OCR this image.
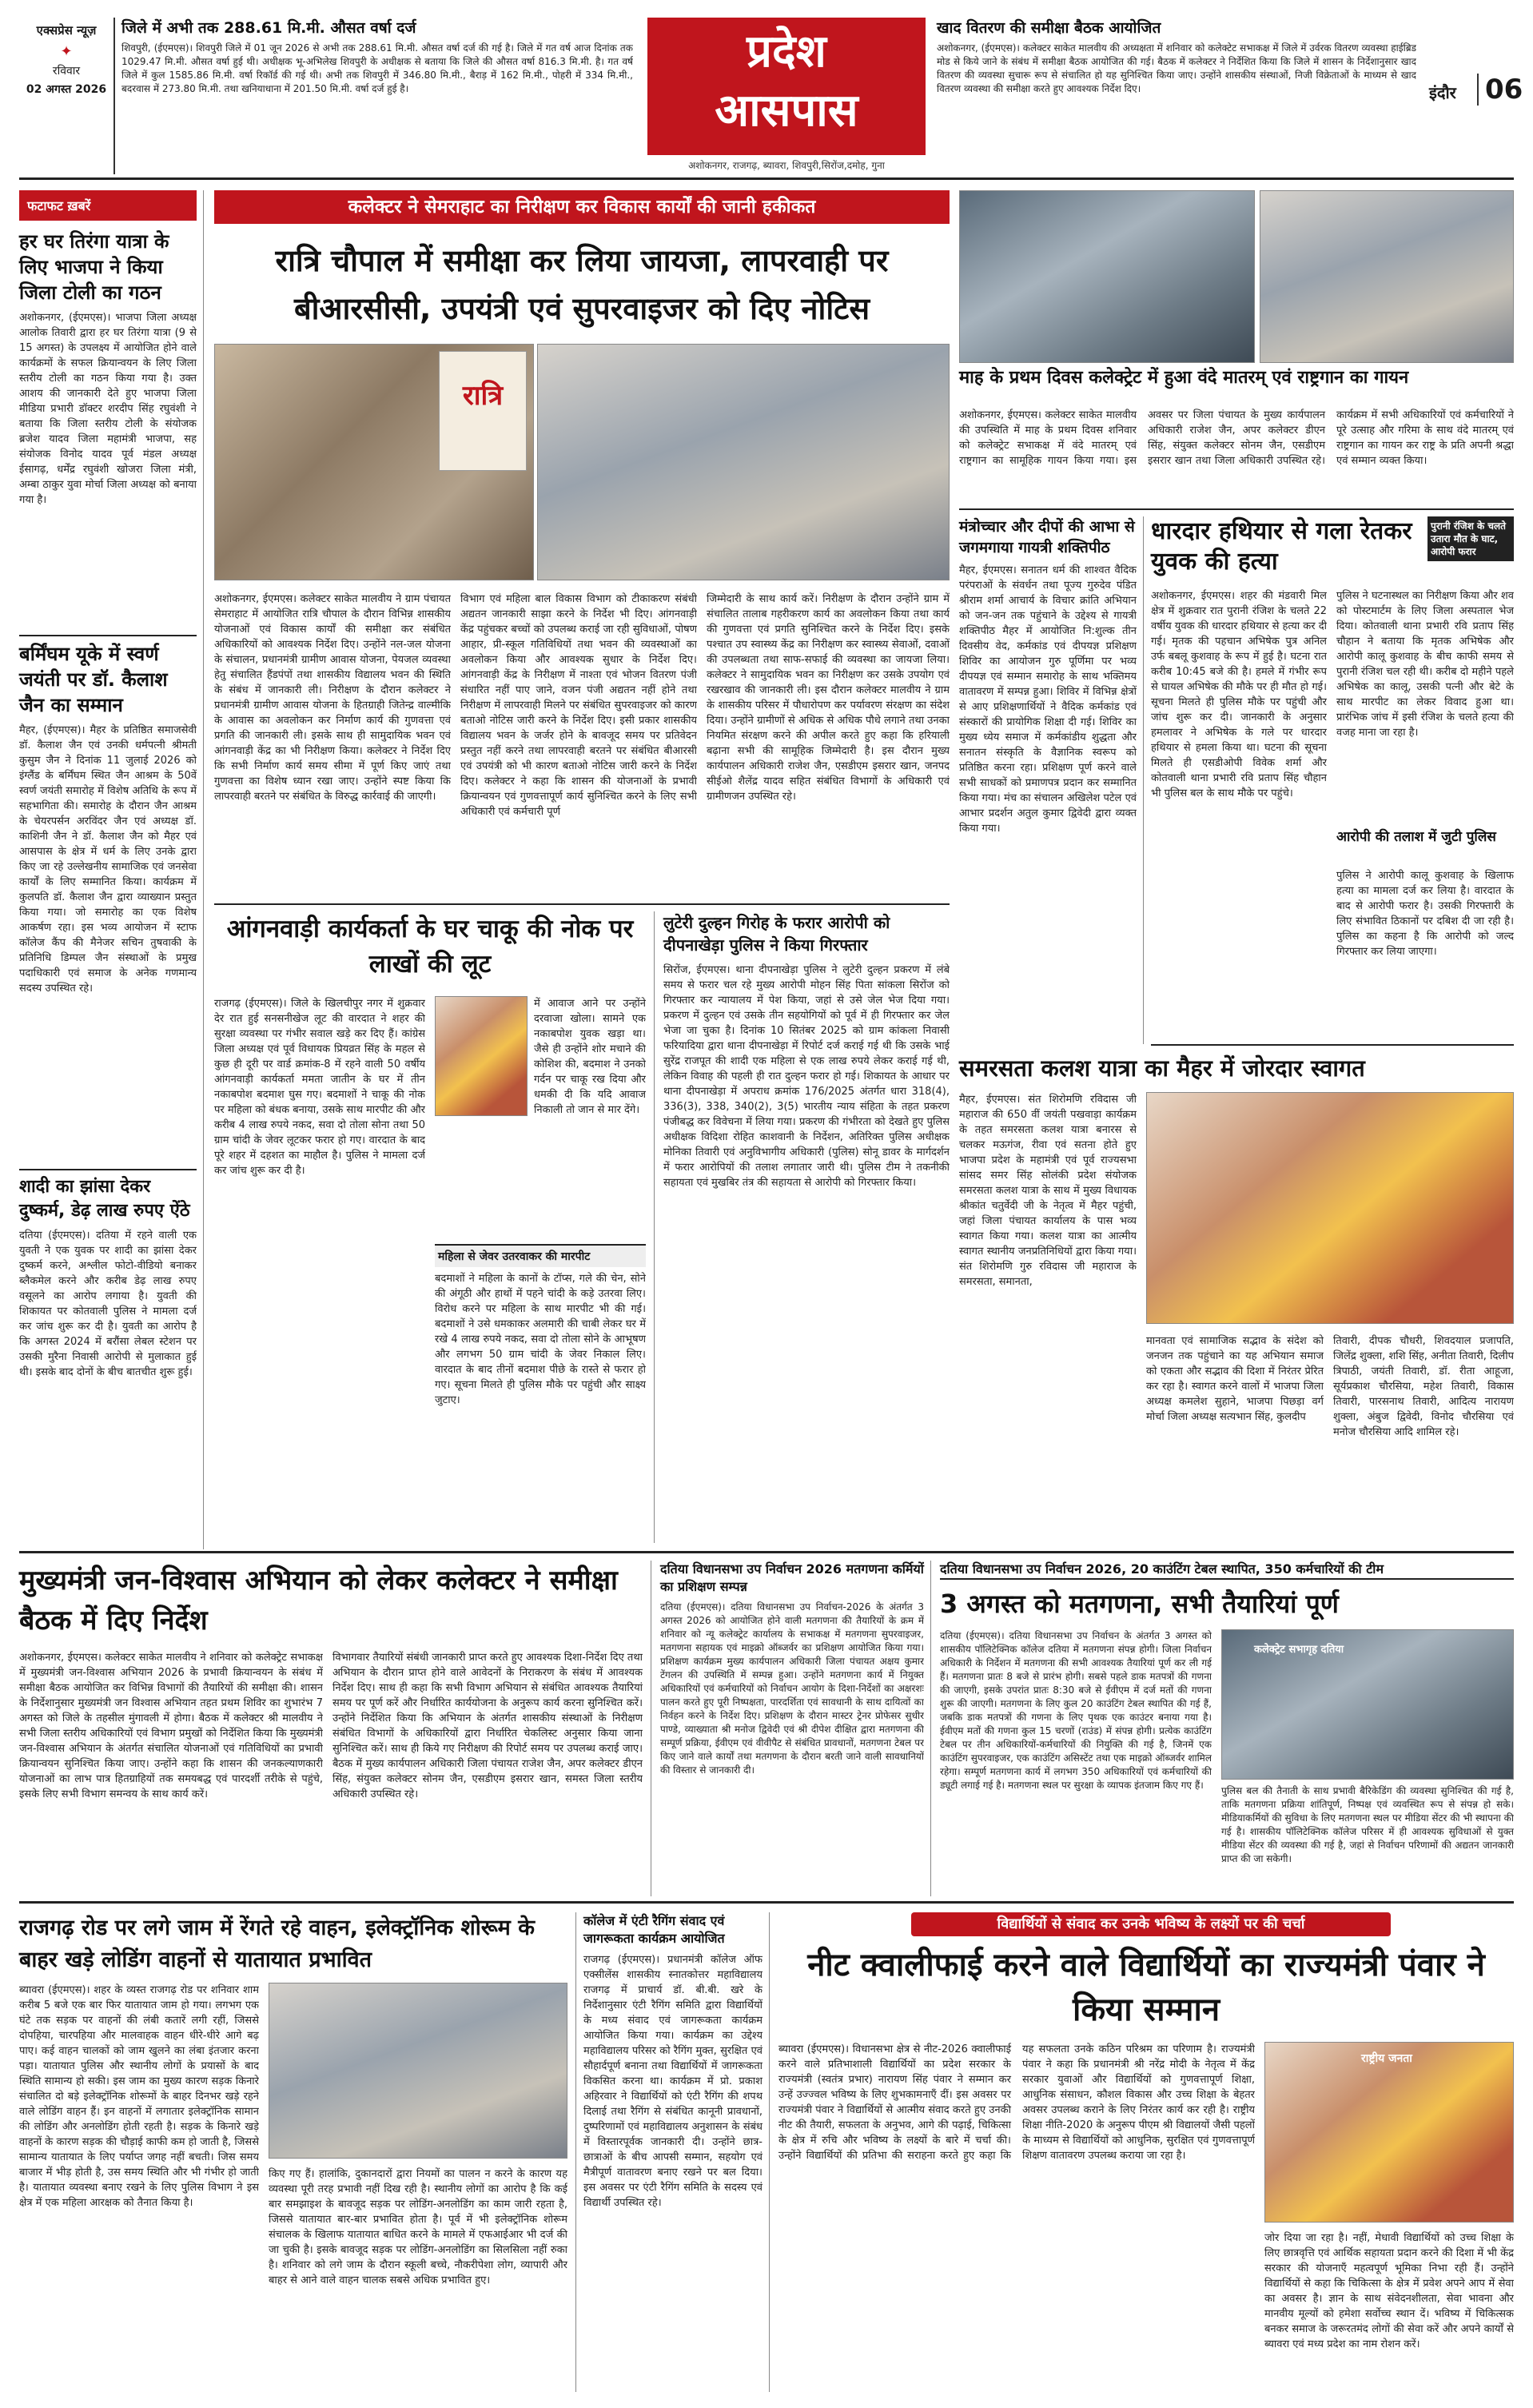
एक्सप्रेस न्यूज़
✦
रविवार
02 अगस्त 2026
जिले में अभी तक 288.61 मि.मी. औसत वर्षा दर्ज
शिवपुरी, (ईएमएस)। शिवपुरी जिले में 01 जून 2026 से अभी तक 288.61 मि.मी. औसत वर्षा दर्ज की गई है। जिले में गत वर्ष आज दिनांक तक 1029.47 मि.मी. औसत वर्षा हुई थी। अधीक्षक भू-अभिलेख शिवपुरी के अधीक्षक से बताया कि जिले की औसत वर्षा 816.3 मि.मी. है। गत वर्ष जिले में कुल 1585.86 मि.मी. वर्षा रिकॉर्ड की गई थी। अभी तक शिवपुरी में 346.80 मि.मी., बैराड़ में 162 मि.मी., पोहरी में 334 मि.मी., बदरवास में 273.80 मि.मी. तथा खनियाधाना में 201.50 मि.मी. वर्षा दर्ज हुई है।
प्रदेश
आसपास
अशोकनगर, राजगढ़, ब्यावरा, शिवपुरी,सिरोंज,दमोह, गुना
खाद वितरण की समीक्षा बैठक आयोजित
अशोकनगर, (ईएमएस)। कलेक्टर साकेत मालवीय की अध्यक्षता में शनिवार को कलेक्टेट सभाकक्ष में जिले में उर्वरक वितरण व्यवस्था हाईब्रिड मोड से किये जाने के संबंध में समीक्षा बैठक आयोजित की गई। बैठक में कलेक्टर ने निर्देशित किया कि जिले में शासन के निर्देशानुसार खाद वितरण की व्यवस्था सुचारू रूप से संचालित हो यह सुनिश्चित किया जाए। उन्होंने शासकीय संस्थाओं, निजी विक्रेताओं के माध्यम से खाद वितरण व्यवस्था की समीक्षा करते हुए आवश्यक निर्देश दिए।	इंदौर 06
फटाफट ख़बरें
हर घर तिरंगा यात्रा के लिए भाजपा ने किया जिला टोली का गठन
अशोकनगर, (ईएमएस)। भाजपा जिला अध्यक्ष आलोक तिवारी द्वारा हर घर तिरंगा यात्रा (9 से 15 अगस्त) के उपलक्ष्य में आयोजित होने वाले कार्यक्रमों के सफल क्रियान्वयन के लिए जिला स्तरीय टोली का गठन किया गया है। उक्त आशय की जानकारी देते हुए भाजपा जिला मीडिया प्रभारी डॉक्टर शरदीप सिंह रघुवंशी ने बताया कि जिला स्तरीय टोली के संयोजक ब्रजेश यादव जिला महामंत्री भाजपा, सह संयोजक विनोद यादव पूर्व मंडल अध्यक्ष ईसागढ़, धर्मेंद्र रघुवंशी खोजरा जिला मंत्री, अम्बा ठाकुर युवा मोर्चा जिला अध्यक्ष को बनाया गया है।
बर्मिंघम यूके में स्वर्ण जयंती पर डॉ. कैलाश जैन का सम्मान
मैहर, (ईएमएस)। मैहर के प्रतिष्ठित समाजसेवी डॉ. कैलाश जैन एवं उनकी धर्मपत्नी श्रीमती कुसुम जैन ने दिनांक 11 जुलाई 2026 को इंग्लैंड के बर्मिंघम स्थित जैन आश्रम के 50वें स्वर्ण जयंती समारोह में विशेष अतिथि के रूप में सहभागिता की। समारोह के दौरान जैन आश्रम के चेयरपर्सन अरविंदर जैन एवं अध्यक्ष डॉ. काशिनी जैन ने डॉ. कैलाश जैन को मैहर एवं आसपास के क्षेत्र में धर्म के लिए उनके द्वारा किए जा रहे उल्लेखनीय सामाजिक एवं जनसेवा कार्यों के लिए सम्मानित किया। कार्यक्रम में कुलपति डॉ. कैलाश जैन द्वारा व्याख्यान प्रस्तुत किया गया। जो समारोह का एक विशेष आकर्षण रहा। इस भव्य आयोजन में स्टाफ कॉलेज कैंप की मैनेजर सचिन तुषवाकी के प्रतिनिधि डिम्पल जैन संस्थाओं के प्रमुख पदाधिकारी एवं समाज के अनेक गणमान्य सदस्य उपस्थित रहे।
शादी का झांसा देकर दुष्कर्म, डेढ़ लाख रुपए ऐंठे
दतिया (ईएमएस)। दतिया में रहने वाली एक युवती ने एक युवक पर शादी का झांसा देकर दुष्कर्म करने, अश्लील फोटो-वीडियो बनाकर ब्लैकमेल करने और करीब डेढ़ लाख रुपए वसूलने का आरोप लगाया है। युवती की शिकायत पर कोतवाली पुलिस ने मामला दर्ज कर जांच शुरू कर दी है। युवती का आरोप है कि अगस्त 2024 में बरौंसा लेबल स्टेशन पर उसकी मुरैना निवासी आरोपी से मुलाकात हुई थी। इसके बाद दोनों के बीच बातचीत शुरू हुई।
कलेक्टर ने सेमराहाट का निरीक्षण कर विकास कार्यों की जानी हकीकत
रात्रि चौपाल में समीक्षा कर लिया जायजा, लापरवाही पर बीआरसीसी, उपयंत्री एवं सुपरवाइजर को दिए नोटिस
रात्रि
अशोकनगर, ईएमएस। कलेक्टर साकेत मालवीय ने ग्राम पंचायत सेमराहाट में आयोजित रात्रि चौपाल के दौरान विभिन्न शासकीय योजनाओं एवं विकास कार्यों की समीक्षा कर संबंधित अधिकारियों को आवश्यक निर्देश दिए। उन्होंने नल-जल योजना के संचालन, प्रधानमंत्री ग्रामीण आवास योजना, पेयजल व्यवस्था हेतु संचालित हैंडपंपों तथा शासकीय विद्यालय भवन की स्थिति के संबंध में जानकारी ली। निरीक्षण के दौरान कलेक्टर ने प्रधानमंत्री ग्रामीण आवास योजना के हितग्राही जितेन्द्र वाल्मीकि के आवास का अवलोकन कर निर्माण कार्य की गुणवत्ता एवं प्रगति की जानकारी ली। इसके साथ ही सामुदायिक भवन एवं आंगनवाड़ी केंद्र का भी निरीक्षण किया। कलेक्टर ने निर्देश दिए कि सभी निर्माण कार्य समय सीमा में पूर्ण किए जाएं तथा गुणवत्ता का विशेष ध्यान रखा जाए। उन्होंने स्पष्ट किया कि लापरवाही बरतने पर संबंधित के विरुद्ध कार्रवाई की जाएगी।
विभाग एवं महिला बाल विकास विभाग को टीकाकरण संबंधी अद्यतन जानकारी साझा करने के निर्देश भी दिए। आंगनवाड़ी केंद्र पहुंचकर बच्चों को उपलब्ध कराई जा रही सुविधाओं, पोषण आहार, प्री-स्कूल गतिविधियों तथा भवन की व्यवस्थाओं का अवलोकन किया और आवश्यक सुधार के निर्देश दिए। आंगनवाड़ी केंद्र के निरीक्षण में नाश्ता एवं भोजन वितरण पंजी संधारित नहीं पाए जाने, वजन पंजी अद्यतन नहीं होने तथा निरीक्षण में लापरवाही मिलने पर संबंधित सुपरवाइजर को कारण बताओ नोटिस जारी करने के निर्देश दिए। इसी प्रकार शासकीय विद्यालय भवन के जर्जर होने के बावजूद समय पर प्रतिवेदन प्रस्तुत नहीं करने तथा लापरवाही बरतने पर संबंधित बीआरसी एवं उपयंत्री को भी कारण बताओ नोटिस जारी करने के निर्देश दिए। कलेक्टर ने कहा कि शासन की योजनाओं के प्रभावी क्रियान्वयन एवं गुणवत्तापूर्ण कार्य सुनिश्चित करने के लिए सभी अधिकारी एवं कर्मचारी पूर्ण
जिम्मेदारी के साथ कार्य करें। निरीक्षण के दौरान उन्होंने ग्राम में संचालित तालाब गहरीकरण कार्य का अवलोकन किया तथा कार्य की गुणवत्ता एवं प्रगति सुनिश्चित करने के निर्देश दिए। इसके पश्चात उप स्वास्थ्य केंद्र का निरीक्षण कर स्वास्थ्य सेवाओं, दवाओं की उपलब्धता तथा साफ-सफाई की व्यवस्था का जायजा लिया। कलेक्टर ने सामुदायिक भवन का निरीक्षण कर उसके उपयोग एवं रखरखाव की जानकारी ली। इस दौरान कलेक्टर मालवीय ने ग्राम के शासकीय परिसर में पौधारोपण कर पर्यावरण संरक्षण का संदेश दिया। उन्होंने ग्रामीणों से अधिक से अधिक पौधे लगाने तथा उनका नियमित संरक्षण करने की अपील करते हुए कहा कि हरियाली बढ़ाना सभी की सामूहिक जिम्मेदारी है। इस दौरान मुख्य कार्यपालन अधिकारी राजेश जैन, एसडीएम इसरार खान, जनपद सीईओ शैलेंद्र यादव सहित संबंधित विभागों के अधिकारी एवं ग्रामीणजन उपस्थित रहे।
माह के प्रथम दिवस कलेक्ट्रेट में हुआ वंदे मातरम् एवं राष्ट्रगान का गायन
अशोकनगर, ईएमएस। कलेक्टर साकेत मालवीय की उपस्थिति में माह के प्रथम दिवस शनिवार को कलेक्ट्रेट सभाकक्ष में वंदे मातरम् एवं राष्ट्रगान का सामूहिक गायन किया गया। इस अवसर पर जिला पंचायत के मुख्य कार्यपालन अधिकारी राजेश जैन, अपर कलेक्टर डीएन सिंह, संयुक्त कलेक्टर सोनम जैन, एसडीएम इसरार खान तथा जिला अधिकारी उपस्थित रहे। कार्यक्रम में सभी अधिकारियों एवं कर्मचारियों ने पूरे उत्साह और गरिमा के साथ वंदे मातरम् एवं राष्ट्रगान का गायन कर राष्ट्र के प्रति अपनी श्रद्धा एवं सम्मान व्यक्त किया।
मंत्रोच्चार और दीपों की आभा से जगमगाया गायत्री शक्तिपीठ
मैहर, ईएमएस। सनातन धर्म की शाश्वत वैदिक परंपराओं के संवर्धन तथा पूज्य गुरुदेव पंडित श्रीराम शर्मा आचार्य के विचार क्रांति अभियान को जन-जन तक पहुंचाने के उद्देश्य से गायत्री शक्तिपीठ मैहर में आयोजित नि:शुल्क तीन दिवसीय वेद, कर्मकांड एवं दीपयज्ञ प्रशिक्षण शिविर का आयोजन गुरु पूर्णिमा पर भव्य दीपयज्ञ एवं सम्मान समारोह के साथ भक्तिमय वातावरण में सम्पन्न हुआ। शिविर में विभिन्न क्षेत्रों से आए प्रशिक्षणार्थियों ने वैदिक कर्मकांड एवं संस्कारों की प्रायोगिक शिक्षा दी गई। शिविर का मुख्य ध्येय समाज में कर्मकांडीय शुद्धता और सनातन संस्कृति के वैज्ञानिक स्वरूप को प्रतिष्ठित करना रहा। प्रशिक्षण पूर्ण करने वाले सभी साधकों को प्रमाणपत्र प्रदान कर सम्मानित किया गया। मंच का संचालन अखिलेश पटेल एवं आभार प्रदर्शन अतुल कुमार द्विवेदी द्वारा व्यक्त किया गया।
धारदार हथियार से गला रेतकर युवक की हत्या
पुरानी रंजिश के चलते उतारा मौत के घाट, आरोपी फरार
अशोकनगर, ईएमएस। शहर की मंडवारी मिल क्षेत्र में शुक्रवार रात पुरानी रंजिश के चलते 22 वर्षीय युवक की धारदार हथियार से हत्या कर दी गई। मृतक की पहचान अभिषेक पुत्र अनिल उर्फ बबलू कुशवाह के रूप में हुई है। घटना रात करीब 10:45 बजे की है। हमले में गंभीर रूप से घायल अभिषेक की मौके पर ही मौत हो गई। सूचना मिलते ही पुलिस मौके पर पहुंची और जांच शुरू कर दी। जानकारी के अनुसार हमलावर ने अभिषेक के गले पर धारदार हथियार से हमला किया था। घटना की सूचना मिलते ही एसडीओपी विवेक शर्मा और कोतवाली थाना प्रभारी रवि प्रताप सिंह चौहान भी पुलिस बल के साथ मौके पर पहुंचे।
पुलिस ने घटनास्थल का निरीक्षण किया और शव को पोस्टमार्टम के लिए जिला अस्पताल भेज दिया। कोतवाली थाना प्रभारी रवि प्रताप सिंह चौहान ने बताया कि मृतक अभिषेक और आरोपी कालू कुशवाह के बीच काफी समय से पुरानी रंजिश चल रही थी। करीब दो महीने पहले अभिषेक का कालू, उसकी पत्नी और बेटे के साथ मारपीट का लेकर विवाद हुआ था। प्रारंभिक जांच में इसी रंजिश के चलते हत्या की वजह माना जा रहा है।
आरोपी की तलाश में जुटी पुलिस
पुलिस ने आरोपी कालू कुशवाह के खिलाफ हत्या का मामला दर्ज कर लिया है। वारदात के बाद से आरोपी फरार है। उसकी गिरफ्तारी के लिए संभावित ठिकानों पर दबिश दी जा रही है। पुलिस का कहना है कि आरोपी को जल्द गिरफ्तार कर लिया जाएगा।
आंगनवाड़ी कार्यकर्ता के घर चाकू की नोक पर लाखों की लूट
राजगढ़ (ईएमएस)। जिले के खिलचीपुर नगर में शुक्रवार देर रात हुई सनसनीखेज लूट की वारदात ने शहर की सुरक्षा व्यवस्था पर गंभीर सवाल खड़े कर दिए हैं। कांग्रेस जिला अध्यक्ष एवं पूर्व विधायक प्रियव्रत सिंह के महल से कुछ ही दूरी पर वार्ड क्रमांक-8 में रहने वाली 50 वर्षीय आंगनवाड़ी कार्यकर्ता ममता जातीन के घर में तीन नकाबपोश बदमाश घुस गए। बदमाशों ने चाकू की नोक पर महिला को बंधक बनाया, उसके साथ मारपीट की और करीब 4 लाख रुपये नकद, सवा दो तोला सोना तथा 50 ग्राम चांदी के जेवर लूटकर फरार हो गए। वारदात के बाद पूरे शहर में दहशत का माहौल है। पुलिस ने मामला दर्ज कर जांच शुरू कर दी है।
में आवाज आने पर उन्होंने दरवाजा खोला। सामने एक नकाबपोश युवक खड़ा था। जैसे ही उन्होंने शोर मचाने की कोशिश की, बदमाश ने उनको गर्दन पर चाकू रख दिया और धमकी दी कि यदि आवाज निकाली तो जान से मार देंगे।
महिला से जेवर उतरवाकर की मारपीट
बदमाशों ने महिला के कानों के टॉप्स, गले की चेन, सोने की अंगूठी और हाथों में पहने चांदी के कड़े उतरवा लिए। विरोध करने पर महिला के साथ मारपीट भी की गई। बदमाशों ने उसे धमकाकर अलमारी की चाबी लेकर घर में रखे 4 लाख रुपये नकद, सवा दो तोला सोने के आभूषण और लगभग 50 ग्राम चांदी के जेवर निकाल लिए। वारदात के बाद तीनों बदमाश पीछे के रास्ते से फरार हो गए। सूचना मिलते ही पुलिस मौके पर पहुंची और साक्ष्य जुटाए।
लुटेरी दुल्हन गिरोह के फरार आरोपी को दीपनाखेड़ा पुलिस ने किया गिरफ्तार
सिरोंज, ईएमएस। थाना दीपनाखेड़ा पुलिस ने लुटेरी दुल्हन प्रकरण में लंबे समय से फरार चल रहे मुख्य आरोपी मोहन सिंह पिता सांकला सिरोंज को गिरफ्तार कर न्यायालय में पेश किया, जहां से उसे जेल भेज दिया गया। प्रकरण में दुल्हन एवं उसके तीन सहयोगियों को पूर्व में ही गिरफ्तार कर जेल भेजा जा चुका है। दिनांक 10 सितंबर 2025 को ग्राम कांकला निवासी फरियादिया द्वारा थाना दीपनाखेड़ा में रिपोर्ट दर्ज कराई गई थी कि उसके भाई सुरेंद्र राजपूत की शादी एक महिला से एक लाख रुपये लेकर कराई गई थी, लेकिन विवाह की पहली ही रात दुल्हन फरार हो गई। शिकायत के आधार पर थाना दीपनाखेड़ा में अपराध क्रमांक 176/2025 अंतर्गत धारा 318(4), 336(3), 338, 340(2), 3(5) भारतीय न्याय संहिता के तहत प्रकरण पंजीबद्ध कर विवेचना में लिया गया। प्रकरण की गंभीरता को देखते हुए पुलिस अधीक्षक विदिशा रोहित काशवानी के निर्देशन, अतिरिक्त पुलिस अधीक्षक मोनिका तिवारी एवं अनुविभागीय अधिकारी (पुलिस) सोनू डावर के मार्गदर्शन में फरार आरोपियों की तलाश लगातार जारी थी। पुलिस टीम ने तकनीकी सहायता एवं मुखबिर तंत्र की सहायता से आरोपी को गिरफ्तार किया।
समरसता कलश यात्रा का मैहर में जोरदार स्वागत
मैहर, ईएमएस। संत शिरोमणि रविदास जी महाराज की 650 वीं जयंती पखवाड़ा कार्यक्रम के तहत समरसता कलश यात्रा बनारस से चलकर मऊगंज, रीवा एवं सतना होते हुए भाजपा प्रदेश के महामंत्री एवं पूर्व राज्यसभा सांसद समर सिंह सोलंकी प्रदेश संयोजक समरसता कलश यात्रा के साथ में मुख्य विधायक श्रीकांत चतुर्वेदी जी के नेतृत्व में मैहर पहुंची, जहां जिला पंचायत कार्यालय के पास भव्य स्वागत किया गया। कलश यात्रा का आत्मीय स्वागत स्थानीय जनप्रतिनिधियों द्वारा किया गया। संत शिरोमणि गुरु रविदास जी महाराज के समरसता, समानता,
मानवता एवं सामाजिक सद्भाव के संदेश को जनजन तक पहुंचाने का यह अभियान समाज को एकता और सद्भाव की दिशा में निरंतर प्रेरित कर रहा है। स्वागत करने वालों में भाजपा जिला अध्यक्ष कमलेश सुहाने, भाजपा पिछड़ा वर्ग मोर्चा जिला अध्यक्ष सत्यभान सिंह, कुलदीप
तिवारी, दीपक चौधरी, शिवदयाल प्रजापति, जिलेंद्र शुक्ला, शशि सिंह, अनीता तिवारी, दिलीप त्रिपाठी, जयंती तिवारी, डॉ. रीता आहूजा, सूर्यप्रकाश चौरसिया, महेश तिवारी, विकास तिवारी, पारसनाथ तिवारी, आदित्य नारायण शुक्ला, अंबुज द्विवेदी, विनोद चौरसिया एवं मनोज चौरसिया आदि शामिल रहे।
मुख्यमंत्री जन-विश्वास अभियान को लेकर कलेक्टर ने समीक्षा बैठक में दिए निर्देश
अशोकनगर, ईएमएस। कलेक्टर साकेत मालवीय ने शनिवार को कलेक्ट्रेट सभाकक्ष में मुख्यमंत्री जन-विश्वास अभियान 2026 के प्रभावी क्रियान्वयन के संबंध में समीक्षा बैठक आयोजित कर विभिन्न विभागों की तैयारियों की समीक्षा की। शासन के निर्देशानुसार मुख्यमंत्री जन विश्वास अभियान तहत प्रथम शिविर का शुभारंभ 7 अगस्त को जिले के तहसील मुंगावली में होगा। बैठक में कलेक्टर श्री मालवीय ने सभी जिला स्तरीय अधिकारियों एवं विभाग प्रमुखों को निर्देशित किया कि मुख्यमंत्री जन-विश्वास अभियान के अंतर्गत संचालित योजनाओं एवं गतिविधियों का प्रभावी क्रियान्वयन सुनिश्चित किया जाए। उन्होंने कहा कि शासन की जनकल्याणकारी योजनाओं का लाभ पात्र हितग्राहियों तक समयबद्ध एवं पारदर्शी तरीके से पहुंचे, इसके लिए सभी विभाग समन्वय के साथ कार्य करें।
विभागवार तैयारियों संबंधी जानकारी प्राप्त करते हुए आवश्यक दिशा-निर्देश दिए तथा अभियान के दौरान प्राप्त होने वाले आवेदनों के निराकरण के संबंध में आवश्यक निर्देश दिए। साथ ही कहा कि सभी विभाग अभियान से संबंधित आवश्यक तैयारियां समय पर पूर्ण करें और निर्धारित कार्ययोजना के अनुरूप कार्य करना सुनिश्चित करें। उन्होंने निर्देशित किया कि अभियान के अंतर्गत शासकीय संस्थाओं के निरीक्षण संबंधित विभागों के अधिकारियों द्वारा निर्धारित चेकलिस्ट अनुसार किया जाना सुनिश्चित करें। साथ ही किये गए निरीक्षण की रिपोर्ट समय पर उपलब्ध कराई जाए। बैठक में मुख्य कार्यपालन अधिकारी जिला पंचायत राजेश जैन, अपर कलेक्टर डीएन सिंह, संयुक्त कलेक्टर सोनम जैन, एसडीएम इसरार खान, समस्त जिला स्तरीय अधिकारी उपस्थित रहे।
दतिया विधानसभा उप निर्वाचन 2026 मतगणना कर्मियों का प्रशिक्षण सम्पन्न
दतिया (ईएमएस)। दतिया विधानसभा उप निर्वाचन-2026 के अंतर्गत 3 अगस्त 2026 को आयोजित होने वाली मतगणना की तैयारियों के क्रम में शनिवार को न्यू कलेक्ट्रेट कार्यालय के सभाकक्ष में मतगणना सुपरवाइजर, मतगणना सहायक एवं माइक्रो ऑब्जर्वर का प्रशिक्षण आयोजित किया गया। प्रशिक्षण कार्यक्रम मुख्य कार्यपालन अधिकारी जिला पंचायत अक्षय कुमार टेंगलन की उपस्थिति में सम्पन्न हुआ। उन्होंने मतगणना कार्य में नियुक्त अधिकारियों एवं कर्मचारियों को निर्वाचन आयोग के दिशा-निर्देशों का अक्षरशः पालन करते हुए पूरी निष्पक्षता, पारदर्शिता एवं सावधानी के साथ दायित्वों का निर्वहन करने के निर्देश दिए। प्रशिक्षण के दौरान मास्टर ट्रेनर प्रोफेसर सुधीर पाण्डे, व्याख्याता श्री मनोज द्विवेदी एवं श्री दीपेश दीक्षित द्वारा मतगणना की सम्पूर्ण प्रक्रिया, ईवीएम एवं वीवीपैट से संबंधित प्रावधानों, मतगणना टेबल पर किए जाने वाले कार्यों तथा मतगणना के दौरान बरती जाने वाली सावधानियों की विस्तार से जानकारी दी।
दतिया विधानसभा उप निर्वाचन 2026, 20 काउंटिंग टेबल स्थापित, 350 कर्मचारियों की टीम
3 अगस्त को मतगणना, सभी तैयारियां पूर्ण
दतिया (ईएमएस)। दतिया विधानसभा उप निर्वाचन के अंतर्गत 3 अगस्त को शासकीय पॉलिटेक्निक कॉलेज दतिया में मतगणना संपन्न होगी। जिला निर्वाचन अधिकारी के निर्देशन में मतगणना की सभी आवश्यक तैयारियां पूर्ण कर ली गई हैं। मतगणना प्रातः 8 बजे से प्रारंभ होगी। सबसे पहले डाक मतपत्रों की गणना की जाएगी, इसके उपरांत प्रातः 8:30 बजे से ईवीएम में दर्ज मतों की गणना शुरू की जाएगी। मतगणना के लिए कुल 20 काउंटिंग टेबल स्थापित की गई हैं, जबकि डाक मतपत्रों की गणना के लिए पृथक एक काउंटर बनाया गया है। ईवीएम मतों की गणना कुल 15 चरणों (राउंड) में संपन्न होगी। प्रत्येक काउंटिंग टेबल पर तीन अधिकारियों-कर्मचारियों की नियुक्ति की गई है, जिनमें एक काउंटिंग सुपरवाइजर, एक काउंटिंग असिस्टेंट तथा एक माइक्रो ऑब्जर्वर शामिल रहेगा। सम्पूर्ण मतगणना कार्य में लगभग 350 अधिकारियों एवं कर्मचारियों की ड्यूटी लगाई गई है। मतगणना स्थल पर सुरक्षा के व्यापक इंतजाम किए गए हैं।
कलेक्ट्रेट सभागृह दतिया
पुलिस बल की तैनाती के साथ प्रभावी बैरिकेडिंग की व्यवस्था सुनिश्चित की गई है, ताकि मतगणना प्रक्रिया शांतिपूर्ण, निष्पक्ष एवं व्यवस्थित रूप से संपन्न हो सके। मीडियाकर्मियों की सुविधा के लिए मतगणना स्थल पर मीडिया सेंटर की भी स्थापना की गई है। शासकीय पॉलिटेक्निक कॉलेज परिसर में ही आवश्यक सुविधाओं से युक्त मीडिया सेंटर की व्यवस्था की गई है, जहां से निर्वाचन परिणामों की अद्यतन जानकारी प्राप्त की जा सकेगी।
राजगढ़ रोड पर लगे जाम में रेंगते रहे वाहन, इलेक्ट्रॉनिक शोरूम के बाहर खड़े लोडिंग वाहनों से यातायात प्रभावित
ब्यावरा (ईएमएस)। शहर के व्यस्त राजगढ़ रोड पर शनिवार शाम करीब 5 बजे एक बार फिर यातायात जाम हो गया। लगभग एक घंटे तक सड़क पर वाहनों की लंबी कतारें लगी रहीं, जिससे दोपहिया, चारपहिया और मालवाहक वाहन धीरे-धीरे आगे बढ़ पाए। कई वाहन चालकों को जाम खुलने का लंबा इंतजार करना पड़ा। यातायात पुलिस और स्थानीय लोगों के प्रयासों के बाद स्थिति सामान्य हो सकी। इस जाम का मुख्य कारण सड़क किनारे संचालित दो बड़े इलेक्ट्रॉनिक शोरूमों के बाहर दिनभर खड़े रहने वाले लोडिंग वाहन हैं। इन वाहनों में लगातार इलेक्ट्रॉनिक सामान की लोडिंग और अनलोडिंग होती रहती है। सड़क के किनारे खड़े वाहनों के कारण सड़क की चौड़ाई काफी कम हो जाती है, जिससे सामान्य यातायात के लिए पर्याप्त जगह नहीं बचती। जिस समय बाजार में भीड़ होती है, उस समय स्थिति और भी गंभीर हो जाती है। यातायात व्यवस्था बनाए रखने के लिए पुलिस विभाग ने इस क्षेत्र में एक महिला आरक्षक को तैनात किया है।
किए गए हैं। हालांकि, दुकानदारों द्वारा नियमों का पालन न करने के कारण यह व्यवस्था पूरी तरह प्रभावी नहीं दिख रही है। स्थानीय लोगों का आरोप है कि कई बार समझाइश के बावजूद सड़क पर लोडिंग-अनलोडिंग का काम जारी रहता है, जिससे यातायात बार-बार प्रभावित होता है। पूर्व में भी इलेक्ट्रॉनिक शोरूम संचालक के खिलाफ यातायात बाधित करने के मामले में एफआईआर भी दर्ज की जा चुकी है। इसके बावजूद सड़क पर लोडिंग-अनलोडिंग का सिलसिला नहीं रुका है। शनिवार को लगे जाम के दौरान स्कूली बच्चे, नौकरीपेशा लोग, व्यापारी और बाहर से आने वाले वाहन चालक सबसे अधिक प्रभावित हुए।
कॉलेज में एंटी रैगिंग संवाद एवं जागरूकता कार्यक्रम आयोजित
राजगढ़ (ईएमएस)। प्रधानमंत्री कॉलेज ऑफ एक्सीलेंस शासकीय स्नातकोत्तर महाविद्यालय राजगढ़ में प्राचार्य डॉ. बी.बी. खरे के निर्देशानुसार एंटी रैगिंग समिति द्वारा विद्यार्थियों के मध्य संवाद एवं जागरूकता कार्यक्रम आयोजित किया गया। कार्यक्रम का उद्देश्य महाविद्यालय परिसर को रैगिंग मुक्त, सुरक्षित एवं सौहार्दपूर्ण बनाना तथा विद्यार्थियों में जागरूकता विकसित करना था। कार्यक्रम में प्रो. प्रकाश अहिरवार ने विद्यार्थियों को एंटी रैगिंग की शपथ दिलाई तथा रैगिंग से संबंधित कानूनी प्रावधानों, दुष्परिणामों एवं महाविद्यालय अनुशासन के संबंध में विस्तारपूर्वक जानकारी दी। उन्होंने छात्र-छात्राओं के बीच आपसी सम्मान, सहयोग एवं मैत्रीपूर्ण वातावरण बनाए रखने पर बल दिया। इस अवसर पर एंटी रैगिंग समिति के सदस्य एवं विद्यार्थी उपस्थित रहे।
विद्यार्थियों से संवाद कर उनके भविष्य के लक्ष्यों पर की चर्चा
नीट क्वालीफाई करने वाले विद्यार्थियों का राज्यमंत्री पंवार ने किया सम्मान
ब्यावरा (ईएमएस)। विधानसभा क्षेत्र से नीट-2026 क्वालीफाई करने वाले प्रतिभाशाली विद्यार्थियों का प्रदेश सरकार के राज्यमंत्री (स्वतंत्र प्रभार) नारायण सिंह पंवार ने सम्मान कर उन्हें उज्ज्वल भविष्य के लिए शुभकामनाएँ दीं। इस अवसर पर राज्यमंत्री पंवार ने विद्यार्थियों से आत्मीय संवाद करते हुए उनकी नीट की तैयारी, सफलता के अनुभव, आगे की पढ़ाई, चिकित्सा के क्षेत्र में रुचि और भविष्य के लक्ष्यों के बारे में चर्चा की। उन्होंने विद्यार्थियों की प्रतिभा की सराहना करते हुए कहा कि यह सफलता उनके कठिन परिश्रम का परिणाम है। राज्यमंत्री पंवार ने कहा कि प्रधानमंत्री श्री नरेंद्र मोदी के नेतृत्व में केंद्र सरकार युवाओं और विद्यार्थियों को गुणवत्तापूर्ण शिक्षा, आधुनिक संसाधन, कौशल विकास और उच्च शिक्षा के बेहतर अवसर उपलब्ध कराने के लिए निरंतर कार्य कर रही है। राष्ट्रीय शिक्षा नीति-2020 के अनुरूप पीएम श्री विद्यालयों जैसी पहलों के माध्यम से विद्यार्थियों को आधुनिक, सुरक्षित एवं गुणवत्तापूर्ण शिक्षण वातावरण उपलब्ध कराया जा रहा है।
राष्ट्रीय जनता
जोर दिया जा रहा है। नहीं, मेधावी विद्यार्थियों को उच्च शिक्षा के लिए छात्रवृत्ति एवं आर्थिक सहायता प्रदान करने की दिशा में भी केंद्र सरकार की योजनाएँ महत्वपूर्ण भूमिका निभा रही हैं। उन्होंने विद्यार्थियों से कहा कि चिकित्सा के क्षेत्र में प्रवेश अपने आप में सेवा का अवसर है। ज्ञान के साथ संवेदनशीलता, सेवा भावना और मानवीय मूल्यों को हमेशा सर्वोच्च स्थान दें। भविष्य में चिकित्सक बनकर समाज के जरूरतमंद लोगों की सेवा करें और अपने कार्यों से ब्यावरा एवं मध्य प्रदेश का नाम रोशन करें।
